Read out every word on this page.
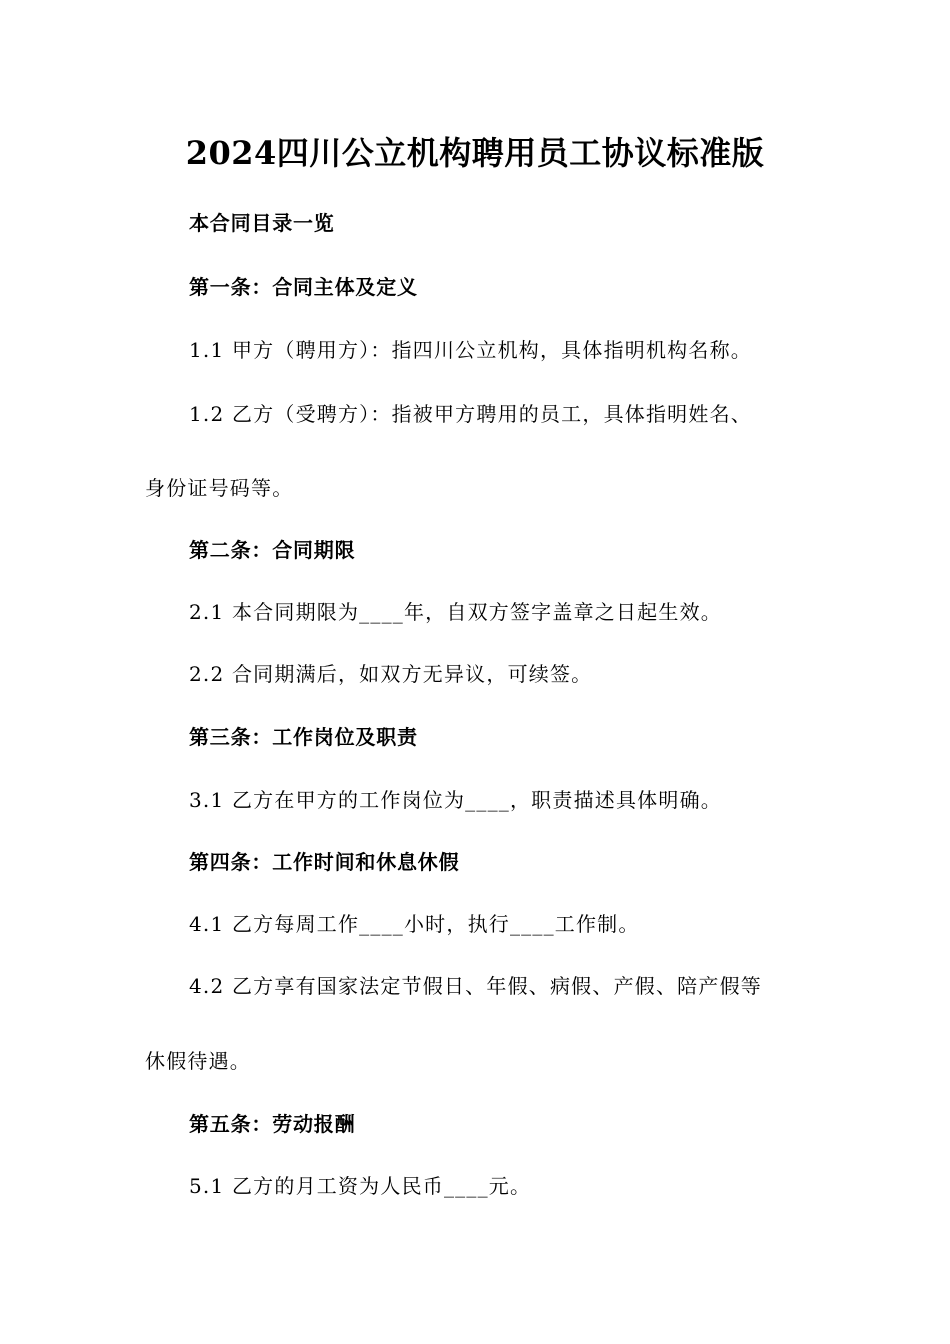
2024四川公立机构聘用员工协议标准版
本合同目录一览
第一条：合同主体及定义
1.1 甲方（聘用方）：指四川公立机构，具体指明机构名称。
1.2 乙方（受聘方）：指被甲方聘用的员工，具体指明姓名、
身份证号码等。
第二条：合同期限
2.1 本合同期限为____年，自双方签字盖章之日起生效。
2.2 合同期满后，如双方无异议，可续签。
第三条：工作岗位及职责
3.1 乙方在甲方的工作岗位为____，职责描述具体明确。
第四条：工作时间和休息休假
4.1 乙方每周工作____小时，执行____工作制。
4.2 乙方享有国家法定节假日、年假、病假、产假、陪产假等
休假待遇。
第五条：劳动报酬
5.1 乙方的月工资为人民币____元。
